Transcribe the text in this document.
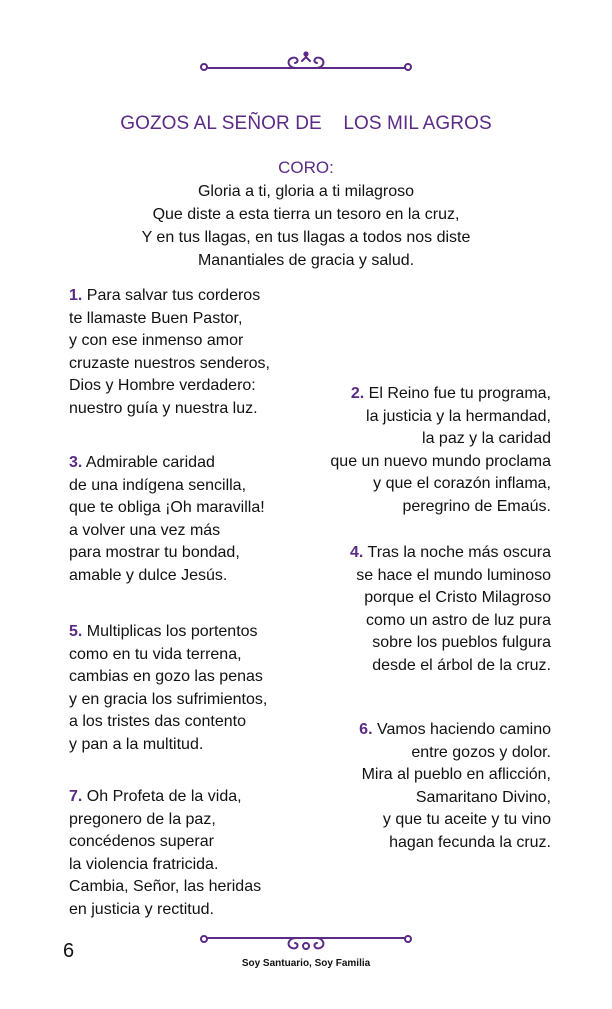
GOZOS AL SEÑOR DE    LOS MIL AGROS
CORO:
Gloria a ti, gloria a ti milagroso
Que diste a esta tierra un tesoro en la cruz,
Y en tus llagas, en tus llagas a todos nos diste
Manantiales de gracia y salud.
1. Para salvar tus corderos
te llamaste Buen Pastor,
y con ese inmenso amor
cruzaste nuestros senderos,
Dios y Hombre verdadero:
nuestro guía y nuestra luz.
2. El Reino fue tu programa,
la justicia y la hermandad,
la paz y la caridad
que un nuevo mundo proclama
y que el corazón inflama,
peregrino de Emaús.
3. Admirable caridad
de una indígena sencilla,
que te obliga ¡Oh maravilla!
a volver una vez más
para mostrar tu bondad,
amable y dulce Jesús.
4. Tras la noche más oscura
se hace el mundo luminoso
porque el Cristo Milagroso
como un astro de luz pura
sobre los pueblos fulgura
desde el árbol de la cruz.
5. Multiplicas los portentos
como en tu vida terrena,
cambias en gozo las penas
y en gracia los sufrimientos,
a los tristes das contento
y pan a la multitud.
6. Vamos haciendo camino
entre gozos y dolor.
Mira al pueblo en aflicción,
Samaritano Divino,
y que tu aceite y tu vino
hagan fecunda la cruz.
7. Oh Profeta de la vida,
pregonero de la paz,
concédenos superar
la violencia fratricida.
Cambia, Señor, las heridas
en justicia y rectitud.
6
Soy Santuario, Soy Familia
